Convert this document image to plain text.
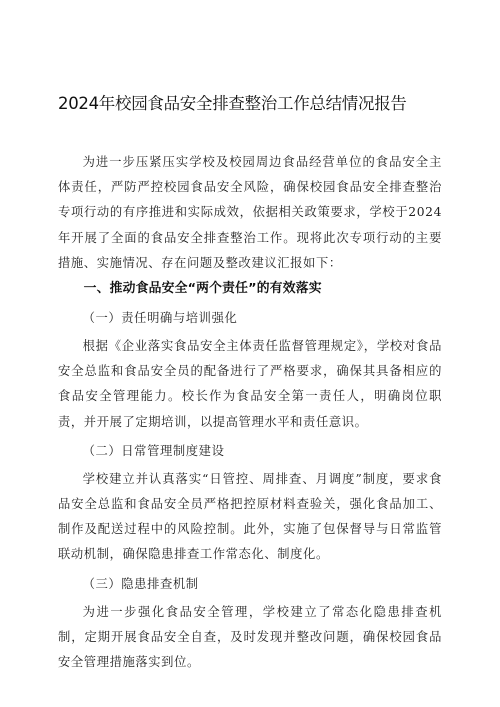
2024年校园食品安全排查整治工作总结情况报告

为进一步压紧压实学校及校园周边食品经营单位的食品安全主体责任，严防严控校园食品安全风险，确保校园食品安全排查整治专项行动的有序推进和实际成效，依据相关政策要求，学校于2024年开展了全面的食品安全排查整治工作。现将此次专项行动的主要措施、实施情况、存在问题及整改建议汇报如下：

一、推动食品安全“两个责任”的有效落实
（一）责任明确与培训强化

根据《企业落实食品安全主体责任监督管理规定》，学校对食品安全总监和食品安全员的配备进行了严格要求，确保其具备相应的食品安全管理能力。校长作为食品安全第一责任人，明确岗位职责，并开展了定期培训，以提高管理水平和责任意识。

（二）日常管理制度建设

学校建立并认真落实“日管控、周排查、月调度”制度，要求食品安全总监和食品安全员严格把控原材料查验关，强化食品加工、制作及配送过程中的风险控制。此外，实施了包保督导与日常监管联动机制，确保隐患排查工作常态化、制度化。

（三）隐患排查机制

为进一步强化食品安全管理，学校建立了常态化隐患排查机制，定期开展食品安全自查，及时发现并整改问题，确保校园食品安全管理措施落实到位。
